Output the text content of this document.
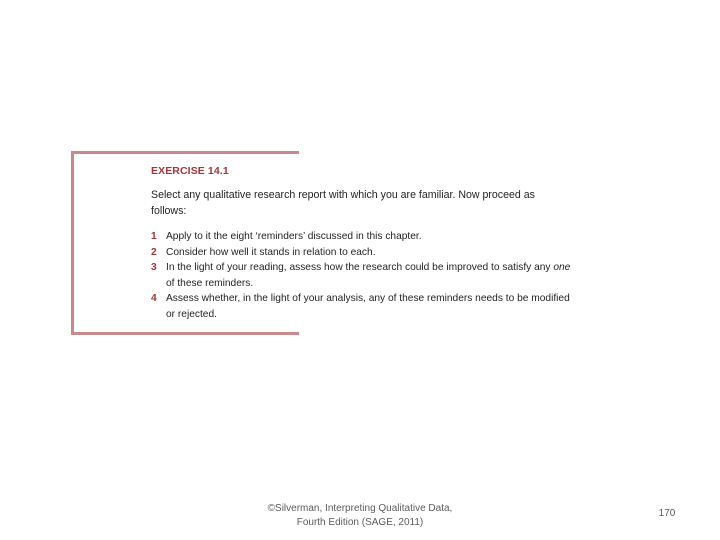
EXERCISE 14.1
Select any qualitative research report with which you are familiar. Now proceed as follows:
1 Apply to it the eight ‘reminders’ discussed in this chapter.
2 Consider how well it stands in relation to each.
3 In the light of your reading, assess how the research could be improved to satisfy any one of these reminders.
4 Assess whether, in the light of your analysis, any of these reminders needs to be modified or rejected.
©Silverman, Interpreting Qualitative Data,
Fourth Edition (SAGE, 2011)
170
